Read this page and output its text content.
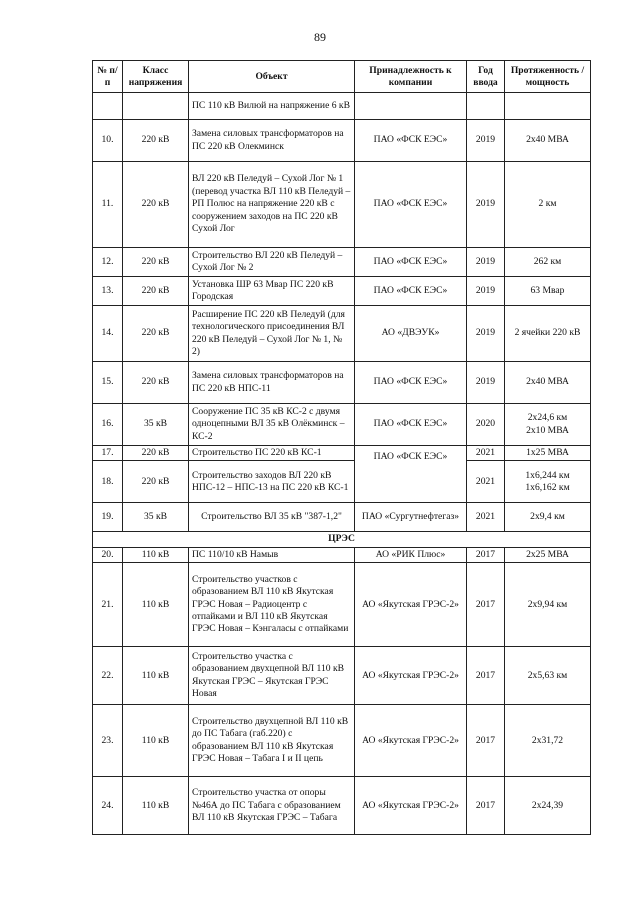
89
№ п/п	Класс напряжения	Объект	Принадлежность к компании	Год ввода	Протяженность / мощность
		ПС 110 кВ Вилюй на напряжение 6 кВ			
10.	220 кВ	Замена силовых трансформаторов на ПС 220 кВ Олекминск	ПАО «ФСК ЕЭС»	2019	2х40 МВА
11.	220 кВ	ВЛ 220 кВ Пеледуй – Сухой Лог № 1 (перевод участка ВЛ 110 кВ Пеледуй – РП Полюс на напряжение 220 кВ с сооружением заходов на ПС 220 кВ Сухой Лог	ПАО «ФСК ЕЭС»	2019	2 км
12.	220 кВ	Строительство ВЛ 220 кВ Пеледуй – Сухой Лог № 2	ПАО «ФСК ЕЭС»	2019	262 км
13.	220 кВ	Установка ШР 63 Мвар ПС 220 кВ Городская	ПАО «ФСК ЕЭС»	2019	63 Мвар
14.	220 кВ	Расширение ПС 220 кВ Пеледуй (для технологического присоединения ВЛ 220 кВ Пеледуй – Сухой Лог № 1, № 2)	АО «ДВЭУК»	2019	2 ячейки 220 кВ
15.	220 кВ	Замена силовых трансформаторов на ПС 220 кВ НПС-11	ПАО «ФСК ЕЭС»	2019	2х40 МВА
16.	35 кВ	Сооружение ПС 35 кВ КС-2 с двумя одноцепными ВЛ 35 кВ Олёкминск – КС-2	ПАО «ФСК ЕЭС»	2020	2х24,6 км
2х10 МВА
17.	220 кВ	Строительство ПС 220 кВ КС-1	ПАО «ФСК ЕЭС»	2021	1х25 МВА
18.	220 кВ	Строительство заходов ВЛ 220 кВ НПС-12 – НПС-13 на ПС 220 кВ КС-1		2021	1х6,244 км
1х6,162 км
19.	35 кВ	Строительство ВЛ 35 кВ "387-1,2"	ПАО «Сургутнефтегаз»	2021	2х9,4 км
ЦРЭС					
20.	110 кВ	ПС 110/10 кВ Намыв	АО «РИК Плюс»	2017	2х25 МВА
21.	110 кВ	Строительство участков с образованием ВЛ 110 кВ Якутская ГРЭС Новая – Радиоцентр с отпайками и ВЛ 110 кВ Якутская ГРЭС Новая – Кэнгаласы с отпайками	АО «Якутская ГРЭС-2»	2017	2х9,94 км
22.	110 кВ	Строительство участка с образованием двухцепной ВЛ 110 кВ Якутская ГРЭС – Якутская ГРЭС Новая	АО «Якутская ГРЭС-2»	2017	2х5,63 км
23.	110 кВ	Строительство двухцепной ВЛ 110 кВ до ПС Табага (габ.220) с образованием ВЛ 110 кВ Якутская ГРЭС Новая – Табага I и II цепь	АО «Якутская ГРЭС-2»	2017	2х31,72
24.	110 кВ	Строительство участка от опоры №46А до ПС Табага с образованием ВЛ 110 кВ Якутская ГРЭС – Табага	АО «Якутская ГРЭС-2»	2017	2х24,39
